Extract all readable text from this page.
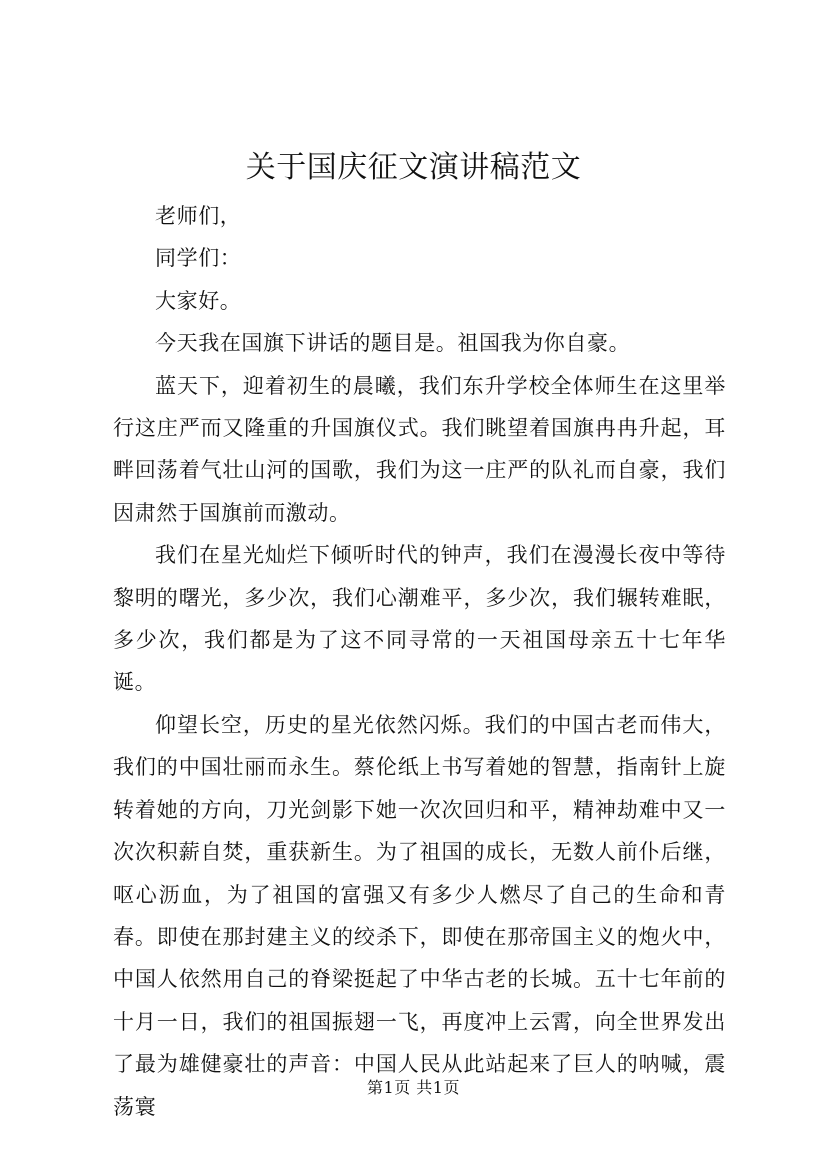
关于国庆征文演讲稿范文

老师们，

同学们：

大家好。

今天我在国旗下讲话的题目是。祖国我为你自豪。

蓝天下，迎着初生的晨曦，我们东升学校全体师生在这里举行这庄严而又隆重的升国旗仪式。我们眺望着国旗冉冉升起，耳畔回荡着气壮山河的国歌，我们为这一庄严的队礼而自豪，我们因肃然于国旗前而激动。

我们在星光灿烂下倾听时代的钟声，我们在漫漫长夜中等待黎明的曙光，多少次，我们心潮难平，多少次，我们辗转难眠，多少次，我们都是为了这不同寻常的一天祖国母亲五十七年华诞。

仰望长空，历史的星光依然闪烁。我们的中国古老而伟大，我们的中国壮丽而永生。蔡伦纸上书写着她的智慧，指南针上旋转着她的方向，刀光剑影下她一次次回归和平，精神劫难中又一次次积薪自焚，重获新生。为了祖国的成长，无数人前仆后继，呕心沥血，为了祖国的富强又有多少人燃尽了自己的生命和青春。即使在那封建主义的绞杀下，即使在那帝国主义的炮火中，中国人依然用自己的脊梁挺起了中华古老的长城。五十七年前的十月一日，我们的祖国振翅一飞，再度冲上云霄，向全世界发出了最为雄健豪壮的声音：中国人民从此站起来了巨人的呐喊，震荡寰

第1页 共1页
